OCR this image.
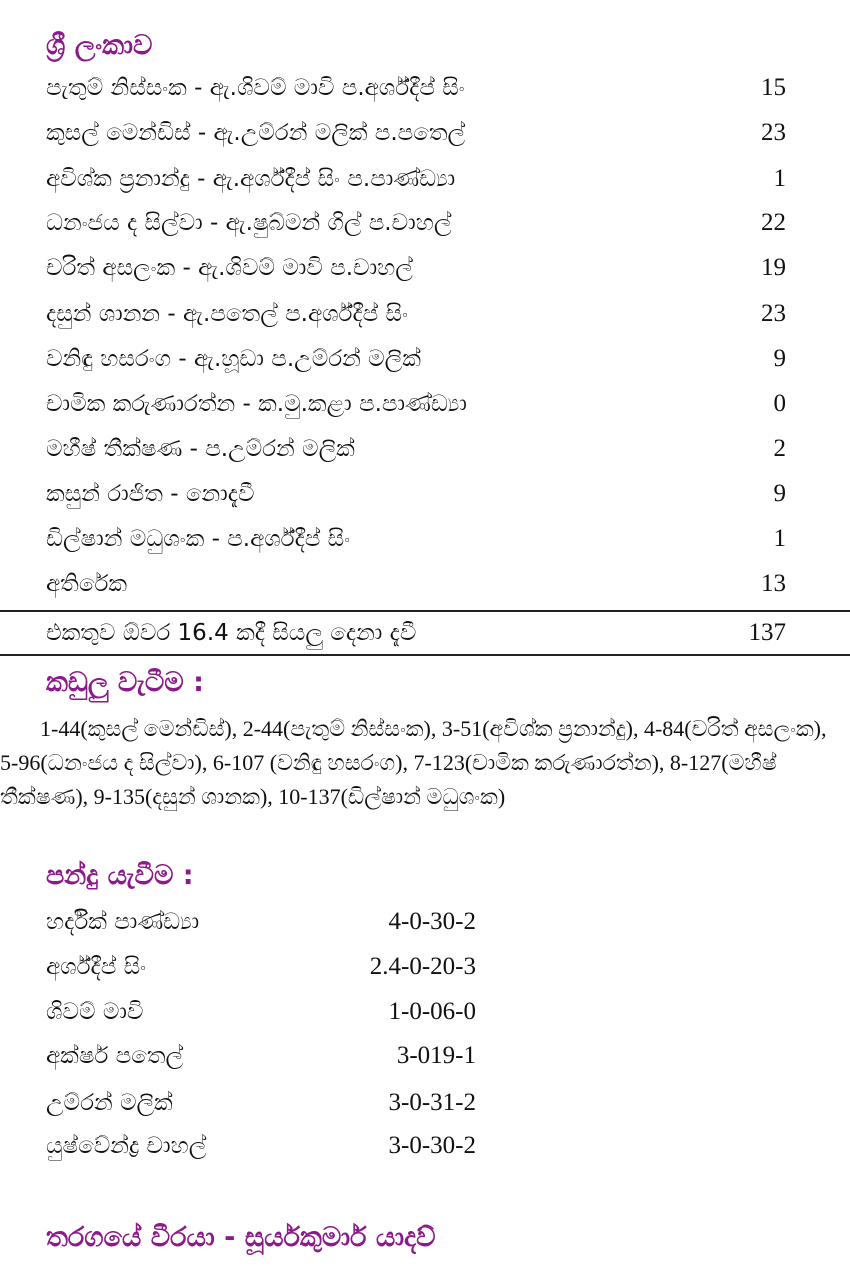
ශ්‍රී ලංකාව
පැතුම් නිස්සංක - ඇ.ශිවම් මාවි ප.අර්ශ්දීප් සිං	15
කුසල් මෙන්ඩිස් - ඇ.උම්රන් මලික් ප.පතෙල්	23
අවිශ්ක ප්‍රනාන්දු - ඇ.අර්ශ්දීප් සිං ප.පාණ්ඩ්‍යා	1
ධනංජය ද සිල්වා - ඇ.ෂුබ්මන් ගිල් ප.චාහල්	22
චරිත් අසලංක - ඇ.ශිවම් මාවි ප.චාහල්	19
දසුන් ශානන - ඇ.පතෙල් ප.අර්ශ්දීප් සිං	23
වනිඳු හසරංග - ඇ.හූඩා ප.උම්රන් මලික්	9
චාමික කරුණාරත්න - ක.මු.කළා ප.පාණ්ඩ්‍යා	0
මහීෂ් තීක්ෂණ - ප.උම්රන් මලික්	2
කසුන් රාජිත - නොදැවී	9
ඩිල්ෂාන් මධුශංක - ප.අර්ශ්දීප් සිං	1
අතිරේක	13
එකතුව ඕවර 16.4 කදී සියලු දෙනා දැවී	137
කඩුලු වැටීම :
1-44(කුසල් මෙන්ඩිස්), 2-44(පැතුම් නිස්සංක), 3-51(අවිශ්ක ප්‍රනාන්දු), 4-84(චරිත් අසලංක), 5-96(ධනංජය ද සිල්වා), 6-107 (වනිඳු හසරංග), 7-123(චාමික කරුණාරත්න), 8-127(මහීෂ් තීක්ෂණ), 9-135(දසුන් ශානක), 10-137(ඩිල්ෂාන් මධුශංක)
පන්දු යැවීම :
හර්දික් පාණ්ඩ්‍යා	4-0-30-2
අර්ශ්දීප් සිං	2.4-0-20-3
ශිවම් මාවි	1-0-06-0
අක්ෂර් පතෙල්	3-019-1
උම්රන් මලික්	3-0-31-2
යුෂ්වේන්ද්‍ර චාහල්	3-0-30-2
තරගයේ වීරයා - සූර්යකුමාර් යාදව්
